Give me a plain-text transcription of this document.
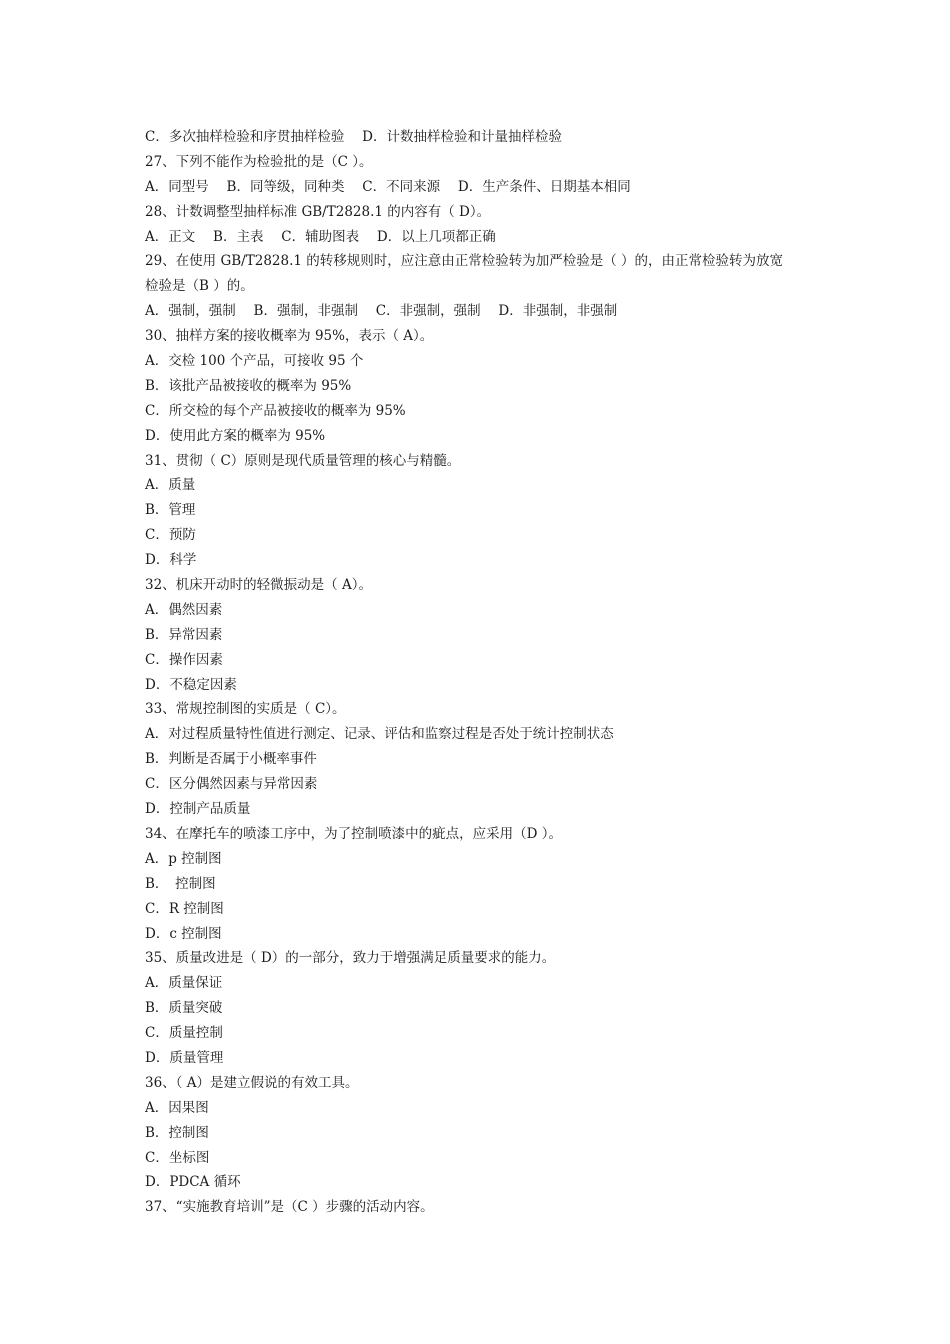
C．多次抽样检验和序贯抽样检验　 D．计数抽样检验和计量抽样检验
27、下列不能作为检验批的是（C ）。
A．同型号　 B．同等级，同种类　 C．不同来源　 D．生产条件、日期基本相同
28、计数调整型抽样标准 GB/T2828.1 的内容有（ D）。
A．正文　 B．主表　 C．辅助图表　 D．以上几项都正确
29、在使用 GB/T2828.1 的转移规则时，应注意由正常检验转为加严检验是（ ）的，由正常检验转为放宽
检验是（B ）的。
A．强制，强制　 B．强制，非强制　 C．非强制，强制　 D．非强制，非强制
30、抽样方案的接收概率为 95%，表示（ A）。
A．交检 100 个产品，可接收 95 个
B．该批产品被接收的概率为 95%
C．所交检的每个产品被接收的概率为 95%
D．使用此方案的概率为 95%
31、贯彻（ C）原则是现代质量管理的核心与精髓。
A．质量
B．管理
C．预防
D．科学
32、机床开动时的轻微振动是（ A）。
A．偶然因素
B．异常因素
C．操作因素
D．不稳定因素
33、常规控制图的实质是（ C）。
A．对过程质量特性值进行测定、记录、评估和监察过程是否处于统计控制状态
B．判断是否属于小概率事件
C．区分偶然因素与异常因素
D．控制产品质量
34、在摩托车的喷漆工序中，为了控制喷漆中的疵点，应采用（D ）。
A．p 控制图
B．　控制图
C．R 控制图
D．c 控制图
35、质量改进是（ D）的一部分，致力于增强满足质量要求的能力。
A．质量保证
B．质量突破
C．质量控制
D．质量管理
36、（ A）是建立假说的有效工具。
A．因果图
B．控制图
C．坐标图
D．PDCA 循环
37、“实施教育培训”是（C ）步骤的活动内容。
